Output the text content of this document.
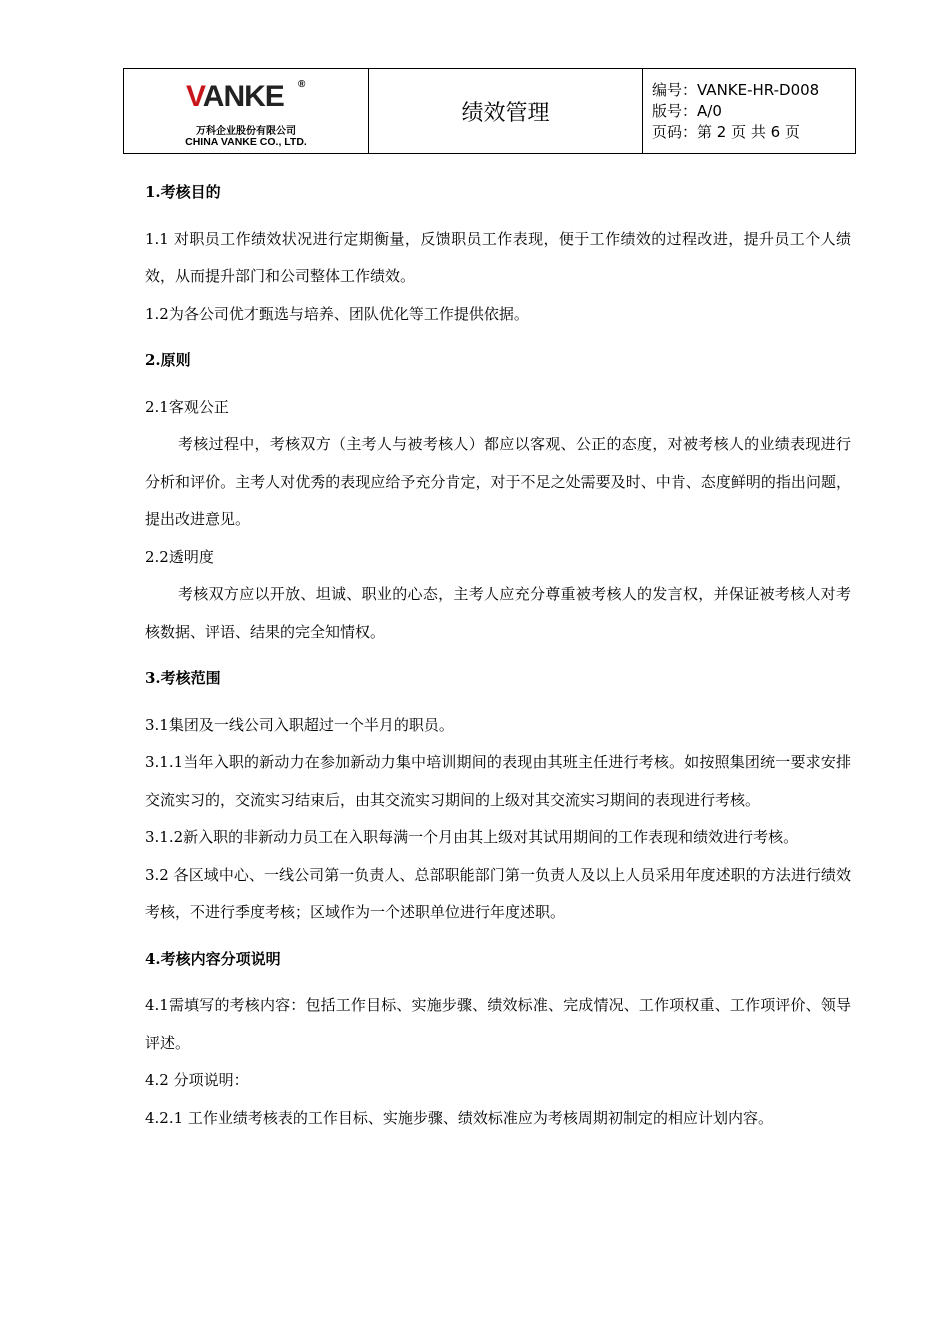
VANKE ®
万科企业股份有限公司
CHINA VANKE CO., LTD.
绩效管理
编号：VANKE-HR-D008
版号：A/0
页码：第 2 页 共 6 页

1.考核目的

1.1 对职员工作绩效状况进行定期衡量，反馈职员工作表现，便于工作绩效的过程改进，提升员工个人绩效，从而提升部门和公司整体工作绩效。

1.2为各公司优才甄选与培养、团队优化等工作提供依据。

2.原则

2.1客观公正

考核过程中，考核双方（主考人与被考核人）都应以客观、公正的态度，对被考核人的业绩表现进行分析和评价。主考人对优秀的表现应给予充分肯定，对于不足之处需要及时、中肯、态度鲜明的指出问题，提出改进意见。

2.2透明度

考核双方应以开放、坦诚、职业的心态，主考人应充分尊重被考核人的发言权，并保证被考核人对考核数据、评语、结果的完全知情权。

3.考核范围

3.1集团及一线公司入职超过一个半月的职员。

3.1.1当年入职的新动力在参加新动力集中培训期间的表现由其班主任进行考核。如按照集团统一要求安排交流实习的，交流实习结束后，由其交流实习期间的上级对其交流实习期间的表现进行考核。

3.1.2新入职的非新动力员工在入职每满一个月由其上级对其试用期间的工作表现和绩效进行考核。

3.2 各区域中心、一线公司第一负责人、总部职能部门第一负责人及以上人员采用年度述职的方法进行绩效考核，不进行季度考核；区域作为一个述职单位进行年度述职。

4.考核内容分项说明

4.1需填写的考核内容：包括工作目标、实施步骤、绩效标准、完成情况、工作项权重、工作项评价、领导评述。

4.2 分项说明：

4.2.1 工作业绩考核表的工作目标、实施步骤、绩效标准应为考核周期初制定的相应计划内容。
